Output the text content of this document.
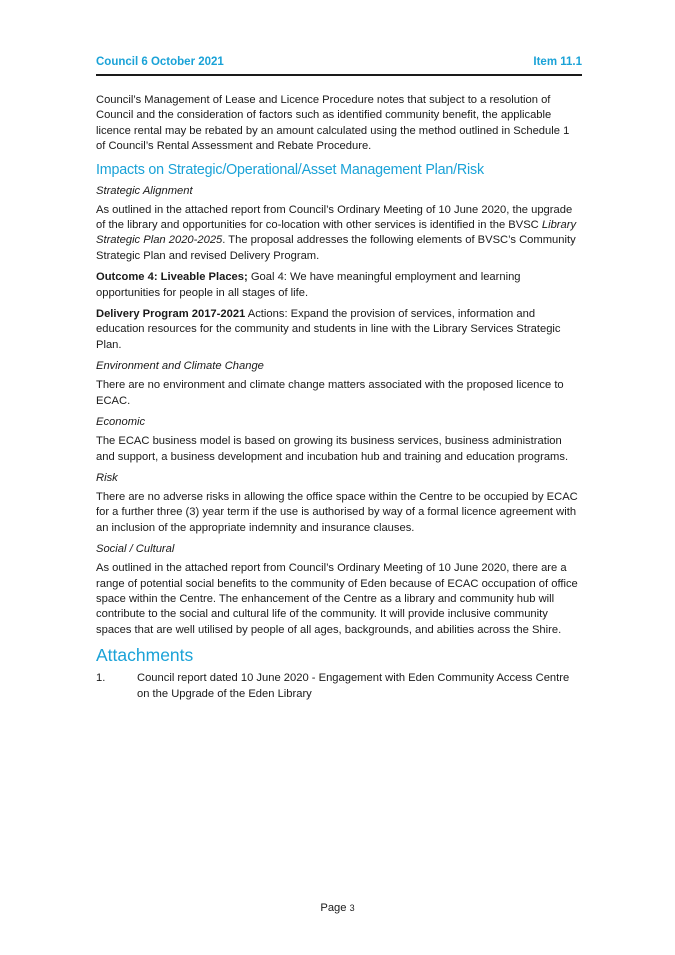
Council 6 October 2021	Item 11.1

Council’s Management of Lease and Licence Procedure notes that subject to a resolution of Council and the consideration of factors such as identified community benefit, the applicable licence rental may be rebated by an amount calculated using the method outlined in Schedule 1 of Council’s Rental Assessment and Rebate Procedure.

Impacts on Strategic/Operational/Asset Management Plan/Risk
Strategic Alignment

As outlined in the attached report from Council’s Ordinary Meeting of 10 June 2020, the upgrade of the library and opportunities for co-location with other services is identified in the BVSC Library Strategic Plan 2020-2025. The proposal addresses the following elements of BVSC’s Community Strategic Plan and revised Delivery Program.

Outcome 4: Liveable Places; Goal 4: We have meaningful employment and learning opportunities for people in all stages of life.

Delivery Program 2017-2021 Actions: Expand the provision of services, information and education resources for the community and students in line with the Library Services Strategic Plan.

Environment and Climate Change

There are no environment and climate change matters associated with the proposed licence to ECAC.

Economic

The ECAC business model is based on growing its business services, business administration and support, a business development and incubation hub and training and education programs.

Risk

There are no adverse risks in allowing the office space within the Centre to be occupied by ECAC for a further three (3) year term if the use is authorised by way of a formal licence agreement with an inclusion of the appropriate indemnity and insurance clauses.

Social / Cultural

As outlined in the attached report from Council’s Ordinary Meeting of 10 June 2020, there are a range of potential social benefits to the community of Eden because of ECAC occupation of office space within the Centre. The enhancement of the Centre as a library and community hub will contribute to the social and cultural life of the community. It will provide inclusive community spaces that are well utilised by people of all ages, backgrounds, and abilities across the Shire.

Attachments
1.	Council report dated 10 June 2020 - Engagement with Eden Community Access Centre on the Upgrade of the Eden Library
Page 3
